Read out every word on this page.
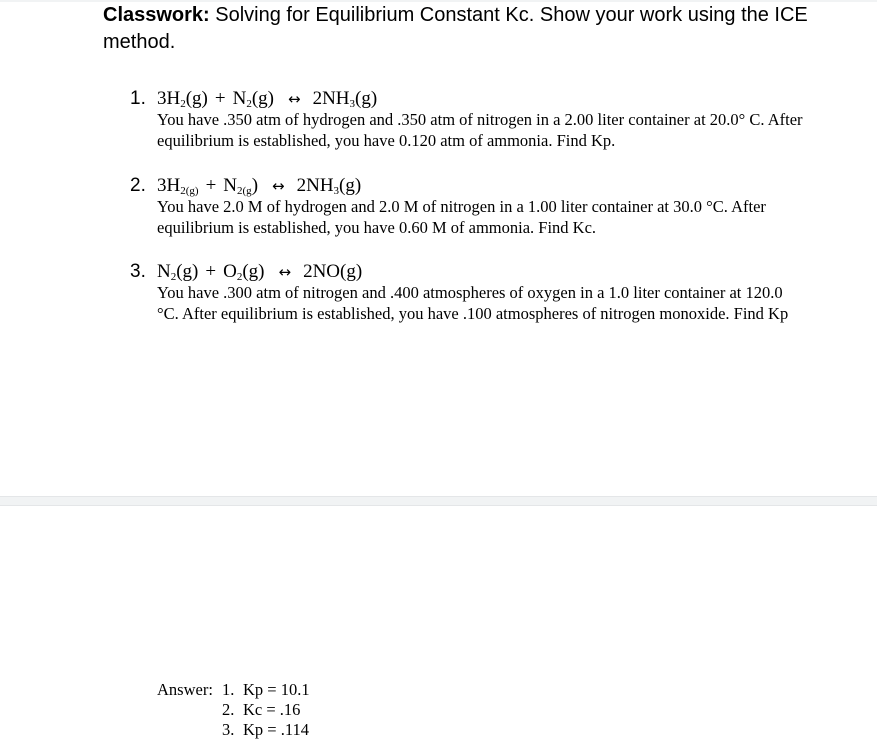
Classwork: Solving for Equilibrium Constant Kc. Show your work using the ICE method.
1. $3H_2(g) + N_2(g)$ ↔ $2NH_3(g)$
You have .350 atm of hydrogen and .350 atm of nitrogen in a 2.00 liter container at 20.0° C. After equilibrium is established, you have 0.120 atm of ammonia. Find Kp.
2. $3H_{2(g)} + N_{2(g}$) ↔ $2NH_3(g)$
You have 2.0 M of hydrogen and 2.0 M of nitrogen in a 1.00 liter container at 30.0 °C. After equilibrium is established, you have 0.60 M of ammonia. Find Kc.
3. $N_2(g) + O_2(g)$ ↔ 2NO(g)
You have .300 atm of nitrogen and .400 atmospheres of oxygen in a 1.0 liter container at 120.0 °C. After equilibrium is established, you have .100 atmospheres of nitrogen monoxide. Find Kp
Answer: 1. Kp = 10.1
2. Kc = .16
3. Kp = .114
